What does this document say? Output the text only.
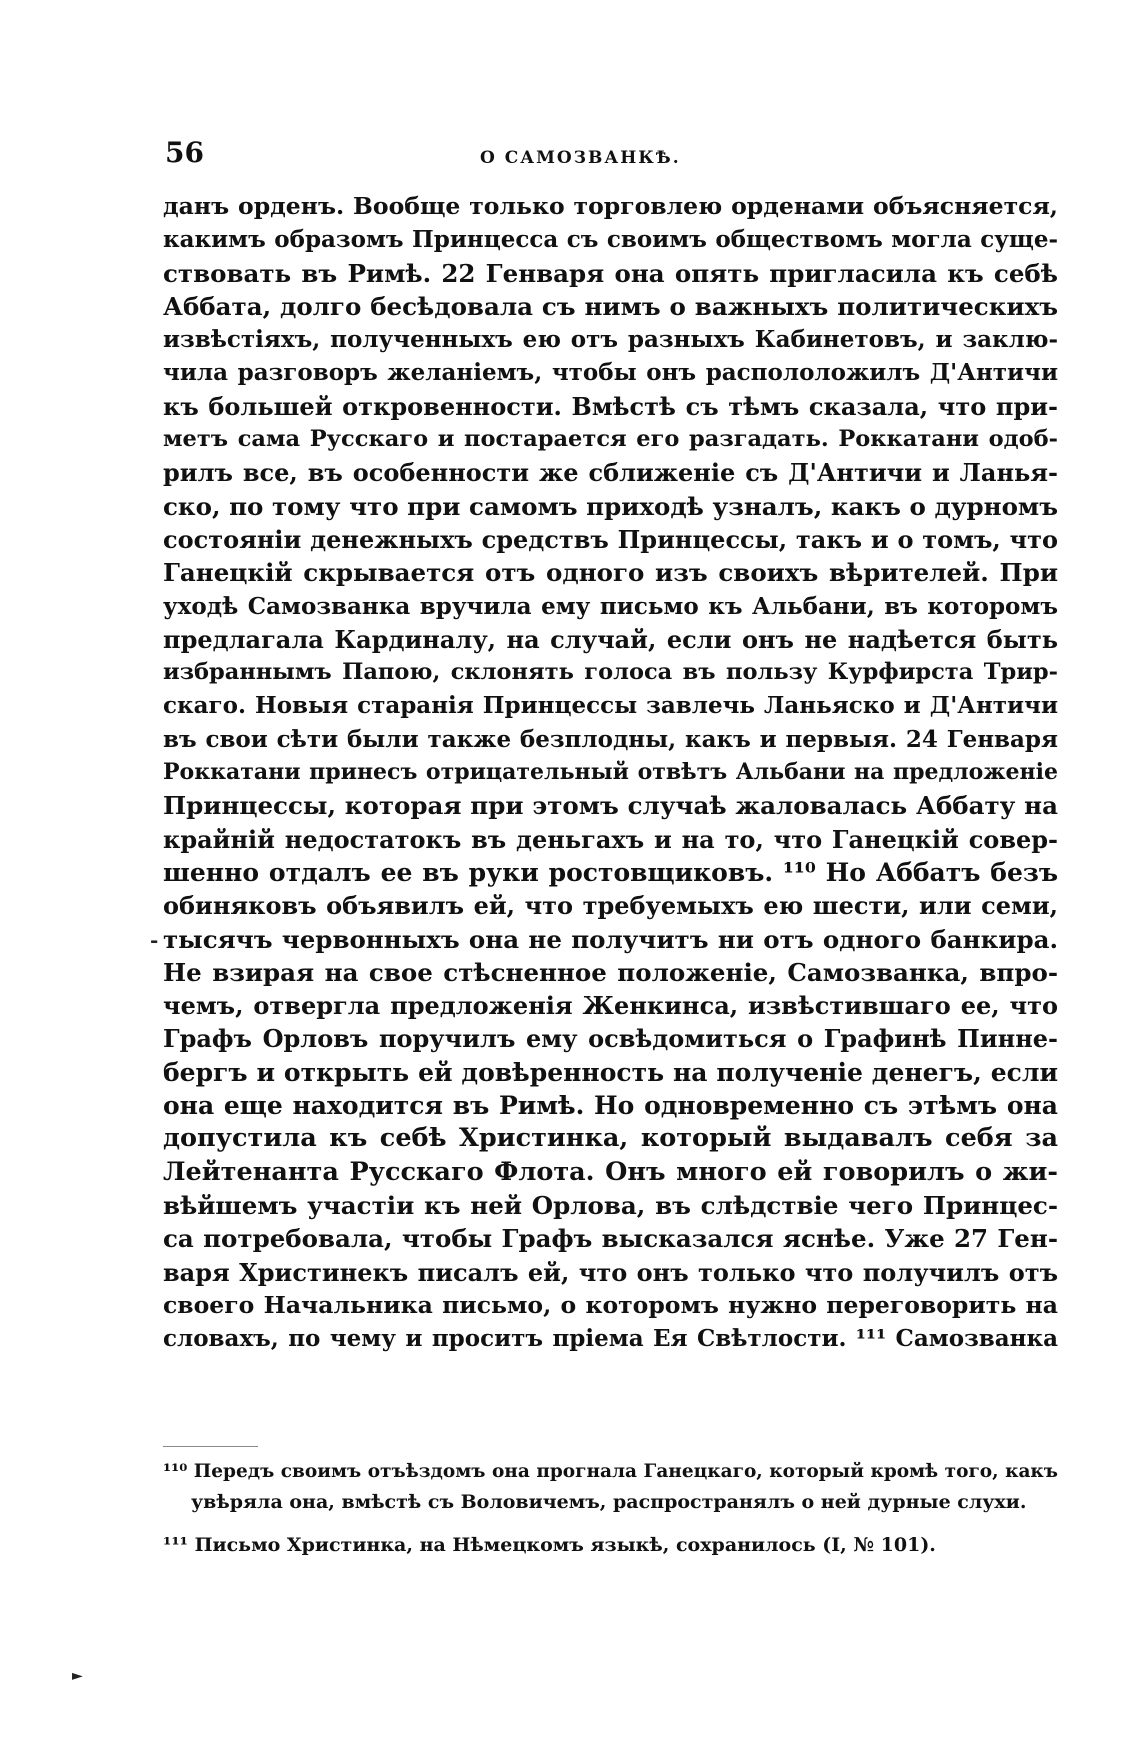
56	О САМОЗВАНКѢ.
данъ орденъ. Вообще только торговлею орденами объясняется,
какимъ образомъ Принцесса съ своимъ обществомъ могла суще-
ствовать въ Римѣ. 22 Генваря она опять пригласила къ себѣ
Аббата, долго бесѣдовала съ нимъ о важныхъ политическихъ
извѣстіяхъ, полученныхъ ею отъ разныхъ Кабинетовъ, и заклю-
чила разговоръ желаніемъ, чтобы онъ распололожилъ Д'Античи
къ большей откровенности. Вмѣстѣ съ тѣмъ сказала, что при-
метъ сама Русскаго и постарается его разгадать. Роккатани одоб-
рилъ все, въ особенности же сближеніе съ Д'Античи и Ланья-
ско, по тому что при самомъ приходѣ узналъ, какъ о дурномъ
состояніи денежныхъ средствъ Принцессы, такъ и о томъ, что
Ганецкій скрывается отъ одного изъ своихъ вѣрителей. При
уходѣ Самозванка вручила ему письмо къ Альбани, въ которомъ
предлагала Кардиналу, на случай, если онъ не надѣется быть
избраннымъ Папою, склонять голоса въ пользу Курфирста Трир-
скаго. Новыя старанія Принцессы завлечь Ланьяско и Д'Античи
въ свои сѣти были также безплодны, какъ и первыя. 24 Генваря
Роккатани принесъ отрицательный отвѣтъ Альбани на предложеніе
Принцессы, которая при этомъ случаѣ жаловалась Аббату на
крайній недостатокъ въ деньгахъ и на то, что Ганецкій совер-
шенно отдалъ ее въ руки ростовщиковъ. ¹¹⁰ Но Аббатъ безъ
обиняковъ объявилъ ей, что требуемыхъ ею шести, или семи,
тысячъ червонныхъ она не получитъ ни отъ одного банкира.
Не взирая на свое стѣсненное положеніе, Самозванка, впро-
чемъ, отвергла предложенія Женкинса, извѣстившаго ее, что
Графъ Орловъ поручилъ ему освѣдомиться о Графинѣ Пинне-
бергъ и открыть ей довѣренность на полученіе денегъ, если
она еще находится въ Римѣ. Но одновременно съ этѣмъ она
допустила къ себѣ Христинка, который выдавалъ себя за
Лейтенанта Русскаго Флота. Онъ много ей говорилъ о жи-
вѣйшемъ участіи къ ней Орлова, въ слѣдствіе чего Принцес-
са потребовала, чтобы Графъ высказался яснѣе. Уже 27 Ген-
варя Христинекъ писалъ ей, что онъ только что получилъ отъ
своего Начальника письмо, о которомъ нужно переговорить на
словахъ, по чему и проситъ пріема Ея Свѣтлости. ¹¹¹ Самозванка
¹¹⁰ Передъ своимъ отъѣздомъ она прогнала Ганецкаго, который кромѣ того, какъ
увѣряла она, вмѣстѣ съ Воловичемъ, распространялъ о ней дурные слухи.
¹¹¹ Письмо Христинка, на Нѣмецкомъ языкѣ, сохранилось (I, № 101).
-
►
